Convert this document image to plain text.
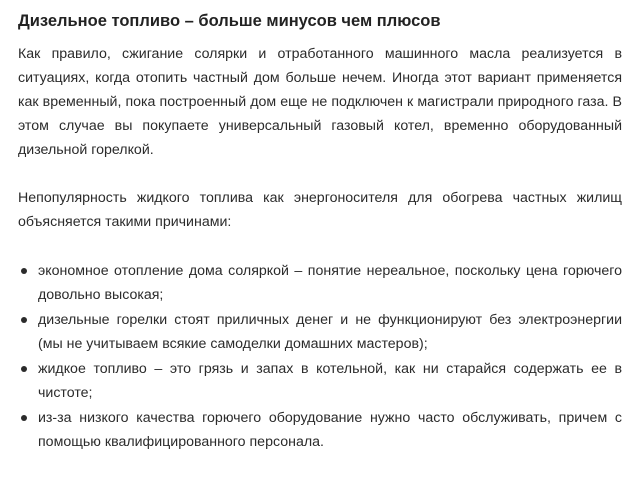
Дизельное топливо – больше минусов чем плюсов

Как правило, сжигание солярки и отработанного машинного масла реализуется в ситуациях, когда отопить частный дом больше нечем. Иногда этот вариант применяется как временный, пока построенный дом еще не подключен к магистрали природного газа. В этом случае вы покупаете универсальный газовый котел, временно оборудованный дизельной горелкой.

Непопулярность жидкого топлива как энергоносителя для обогрева частных жилищ объясняется такими причинами:

экономное отопление дома соляркой – понятие нереальное, поскольку цена горючего довольно высокая;
дизельные горелки стоят приличных денег и не функционируют без электроэнергии (мы не учитываем всякие самоделки домашних мастеров);
жидкое топливо – это грязь и запах в котельной, как ни старайся содержать ее в чистоте;
из-за низкого качества горючего оборудование нужно часто обслуживать, причем с помощью квалифицированного персонала.
